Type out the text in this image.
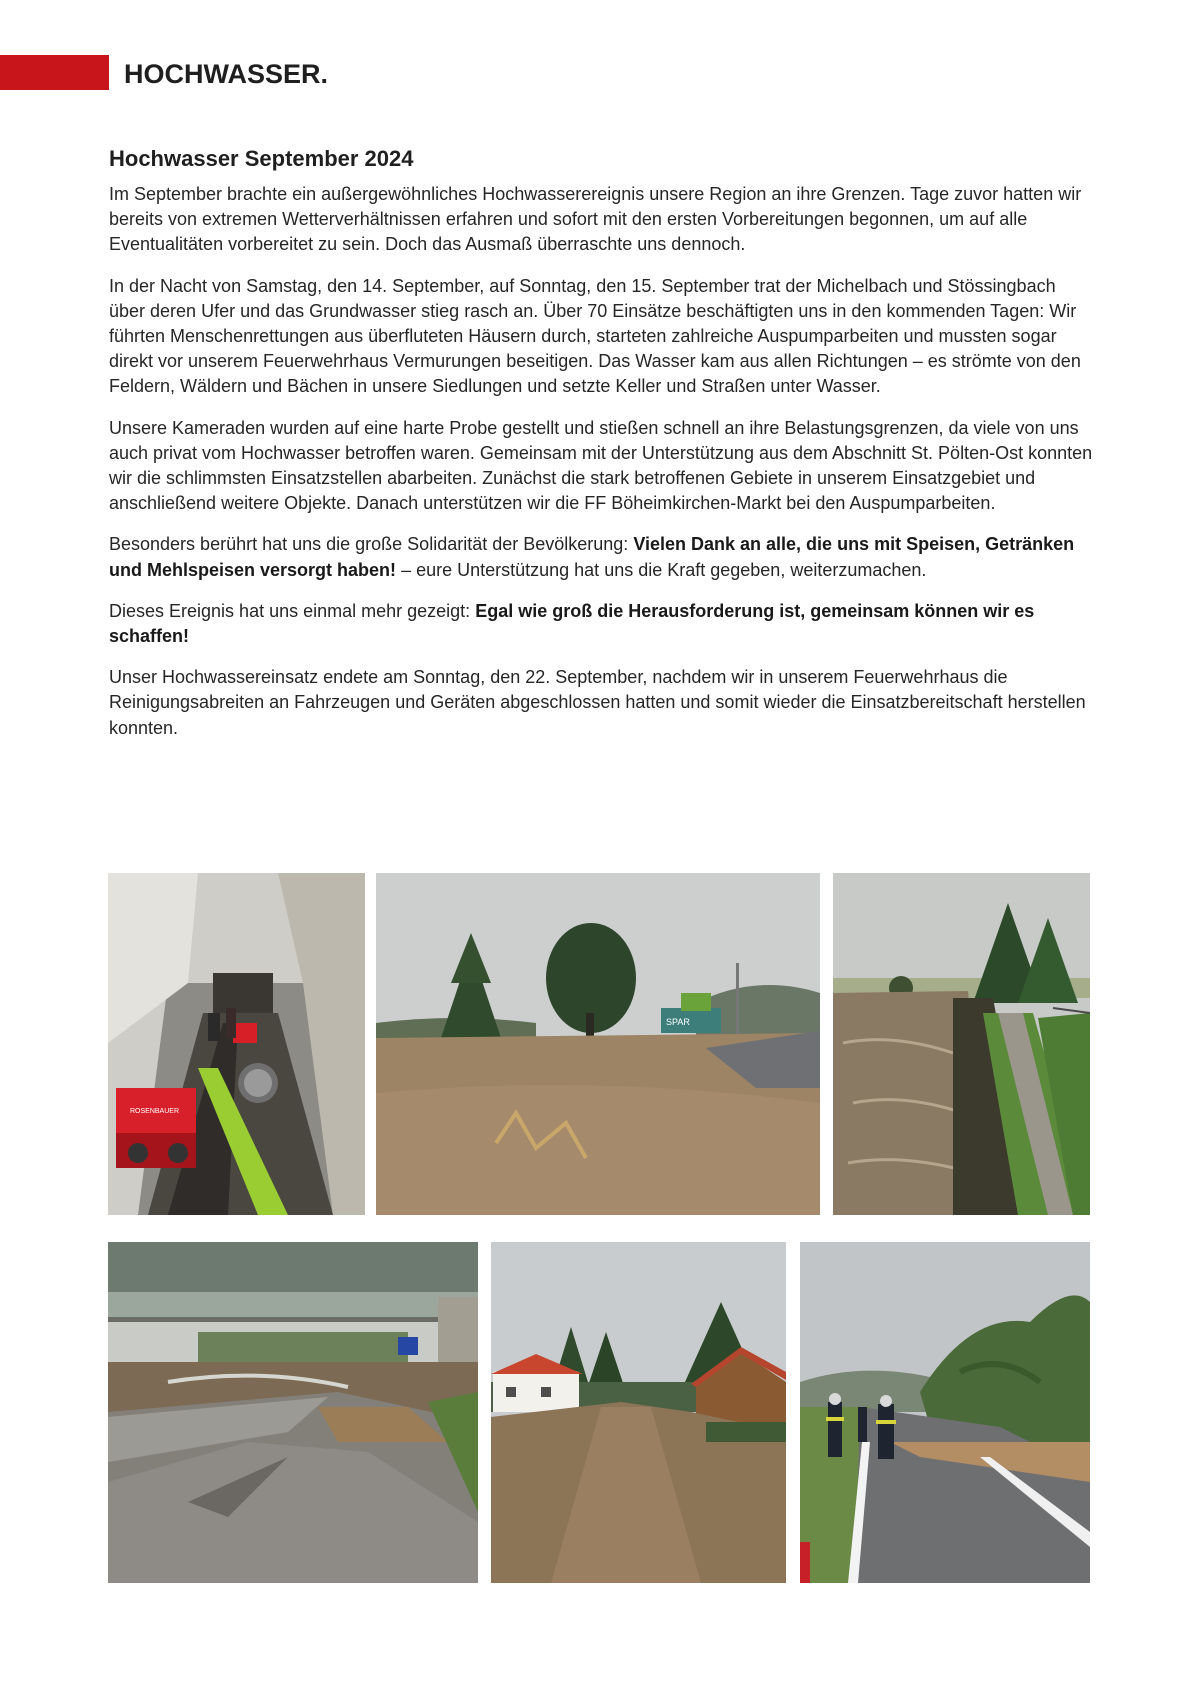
HOCHWASSER.
Hochwasser September 2024

Im September brachte ein außergewöhnliches Hochwasserereignis unsere Region an ihre Grenzen. Tage zuvor hatten wir bereits von extremen Wetterverhältnissen erfahren und sofort mit den ersten Vorbereitungen begonnen, um auf alle Eventualitäten vorbereitet zu sein. Doch das Ausmaß überraschte uns dennoch.

In der Nacht von Samstag, den 14. September, auf Sonntag, den 15. September trat der Michelbach und Stössingbach über deren Ufer und das Grundwasser stieg rasch an. Über 70 Einsätze beschäftigten uns in den kommenden Tagen: Wir führten Menschenrettungen aus überfluteten Häusern durch, starteten zahlreiche Auspumparbeiten und mussten sogar direkt vor unserem Feuerwehrhaus Vermurungen beseitigen. Das Wasser kam aus allen Richtungen – es strömte von den Feldern, Wäldern und Bächen in unsere Siedlungen und setzte Keller und Straßen unter Wasser.

Unsere Kameraden wurden auf eine harte Probe gestellt und stießen schnell an ihre Belastungsgrenzen, da viele von uns auch privat vom Hochwasser betroffen waren. Gemeinsam mit der Unterstützung aus dem Abschnitt St. Pölten-Ost konnten wir die schlimmsten Einsatzstellen abarbeiten. Zunächst die stark betroffenen Gebiete in unserem Einsatzgebiet und anschließend weitere Objekte. Danach unterstützen wir die FF Böheimkirchen-Markt bei den Auspumparbeiten.

Besonders berührt hat uns die große Solidarität der Bevölkerung: Vielen Dank an alle, die uns mit Speisen, Getränken und Mehlspeisen versorgt haben! – eure Unterstützung hat uns die Kraft gegeben, weiterzumachen.

Dieses Ereignis hat uns einmal mehr gezeigt: Egal wie groß die Herausforderung ist, gemeinsam können wir es schaffen!

Unser Hochwassereinsatz endete am Sonntag, den 22. September, nachdem wir in unserem Feuerwehrhaus die Reinigungsabreiten an Fahrzeugen und Geräten abgeschlossen hatten und somit wieder die Einsatzbereitschaft herstellen konnten.

ROSENBAUER
SPAR
